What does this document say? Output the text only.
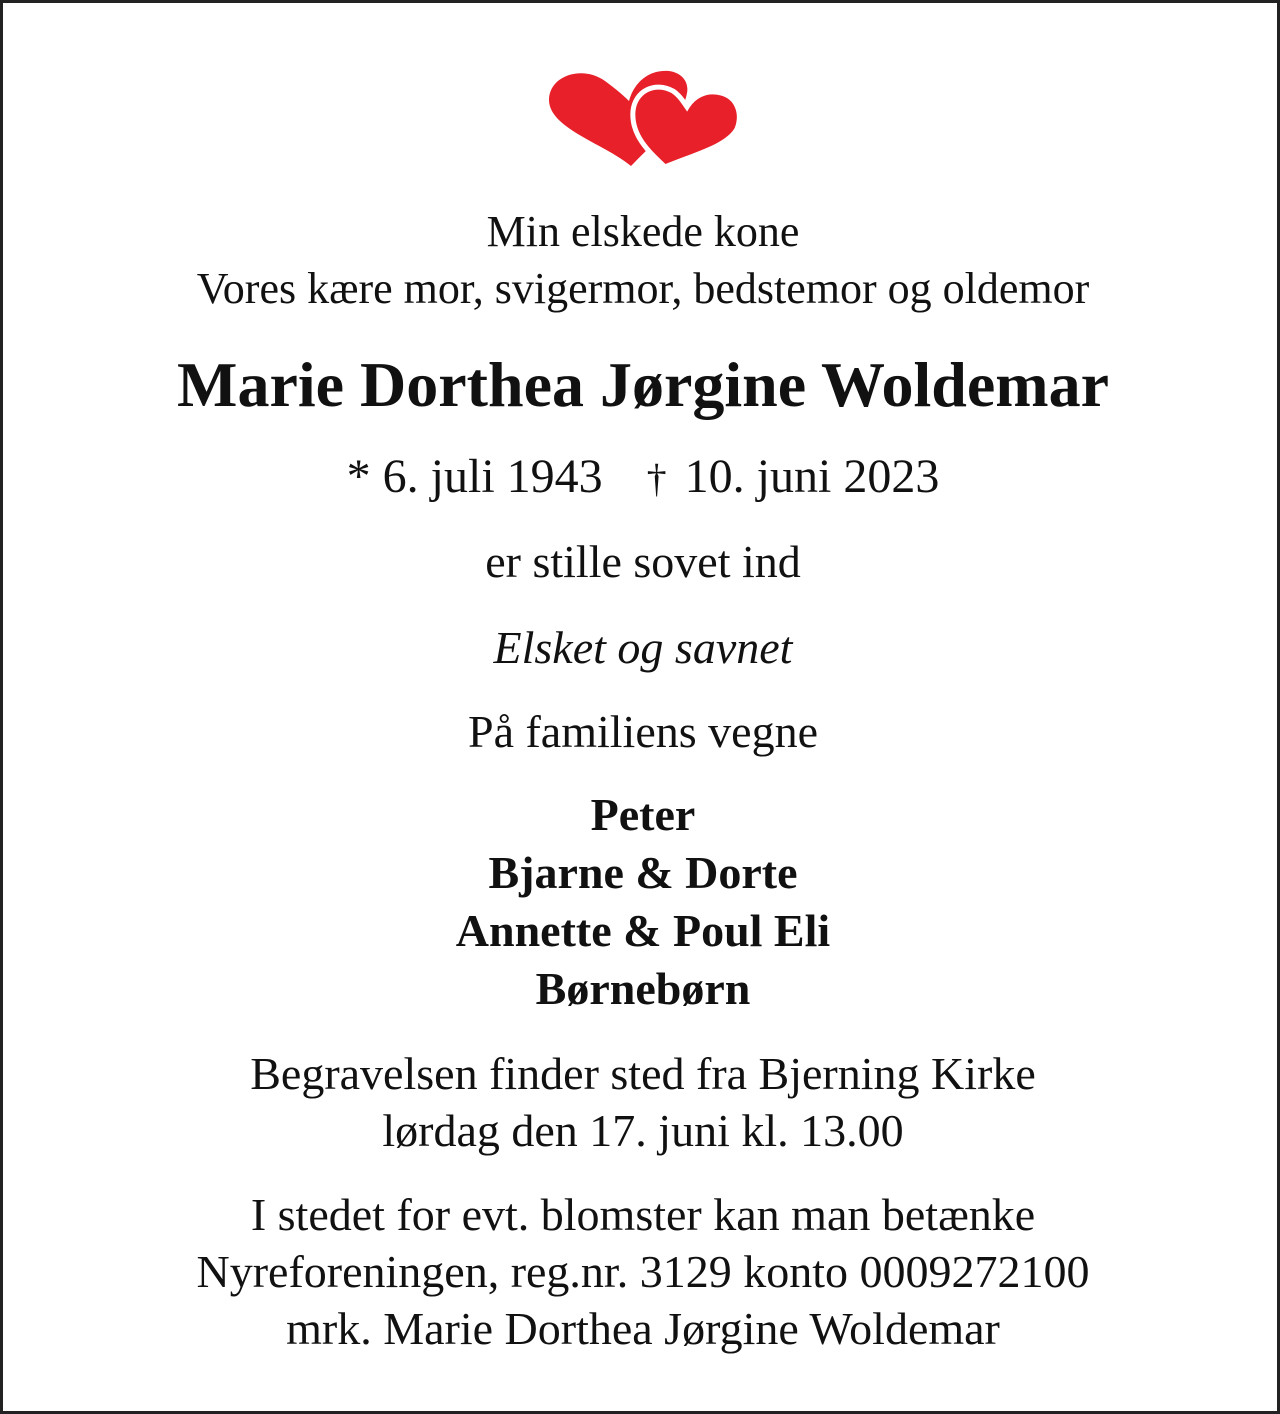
Min elskede kone
Vores kære mor, svigermor, bedstemor og oldemor
Marie Dorthea Jørgine Woldemar
* 6. juli 1943 † 10. juni 2023
er stille sovet ind
Elsket og savnet
På familiens vegne
Peter
Bjarne & Dorte
Annette & Poul Eli
Børnebørn
Begravelsen finder sted fra Bjerning Kirke
lørdag den 17. juni kl. 13.00
I stedet for evt. blomster kan man betænke
Nyreforeningen, reg.nr. 3129 konto 0009272100
mrk. Marie Dorthea Jørgine Woldemar
